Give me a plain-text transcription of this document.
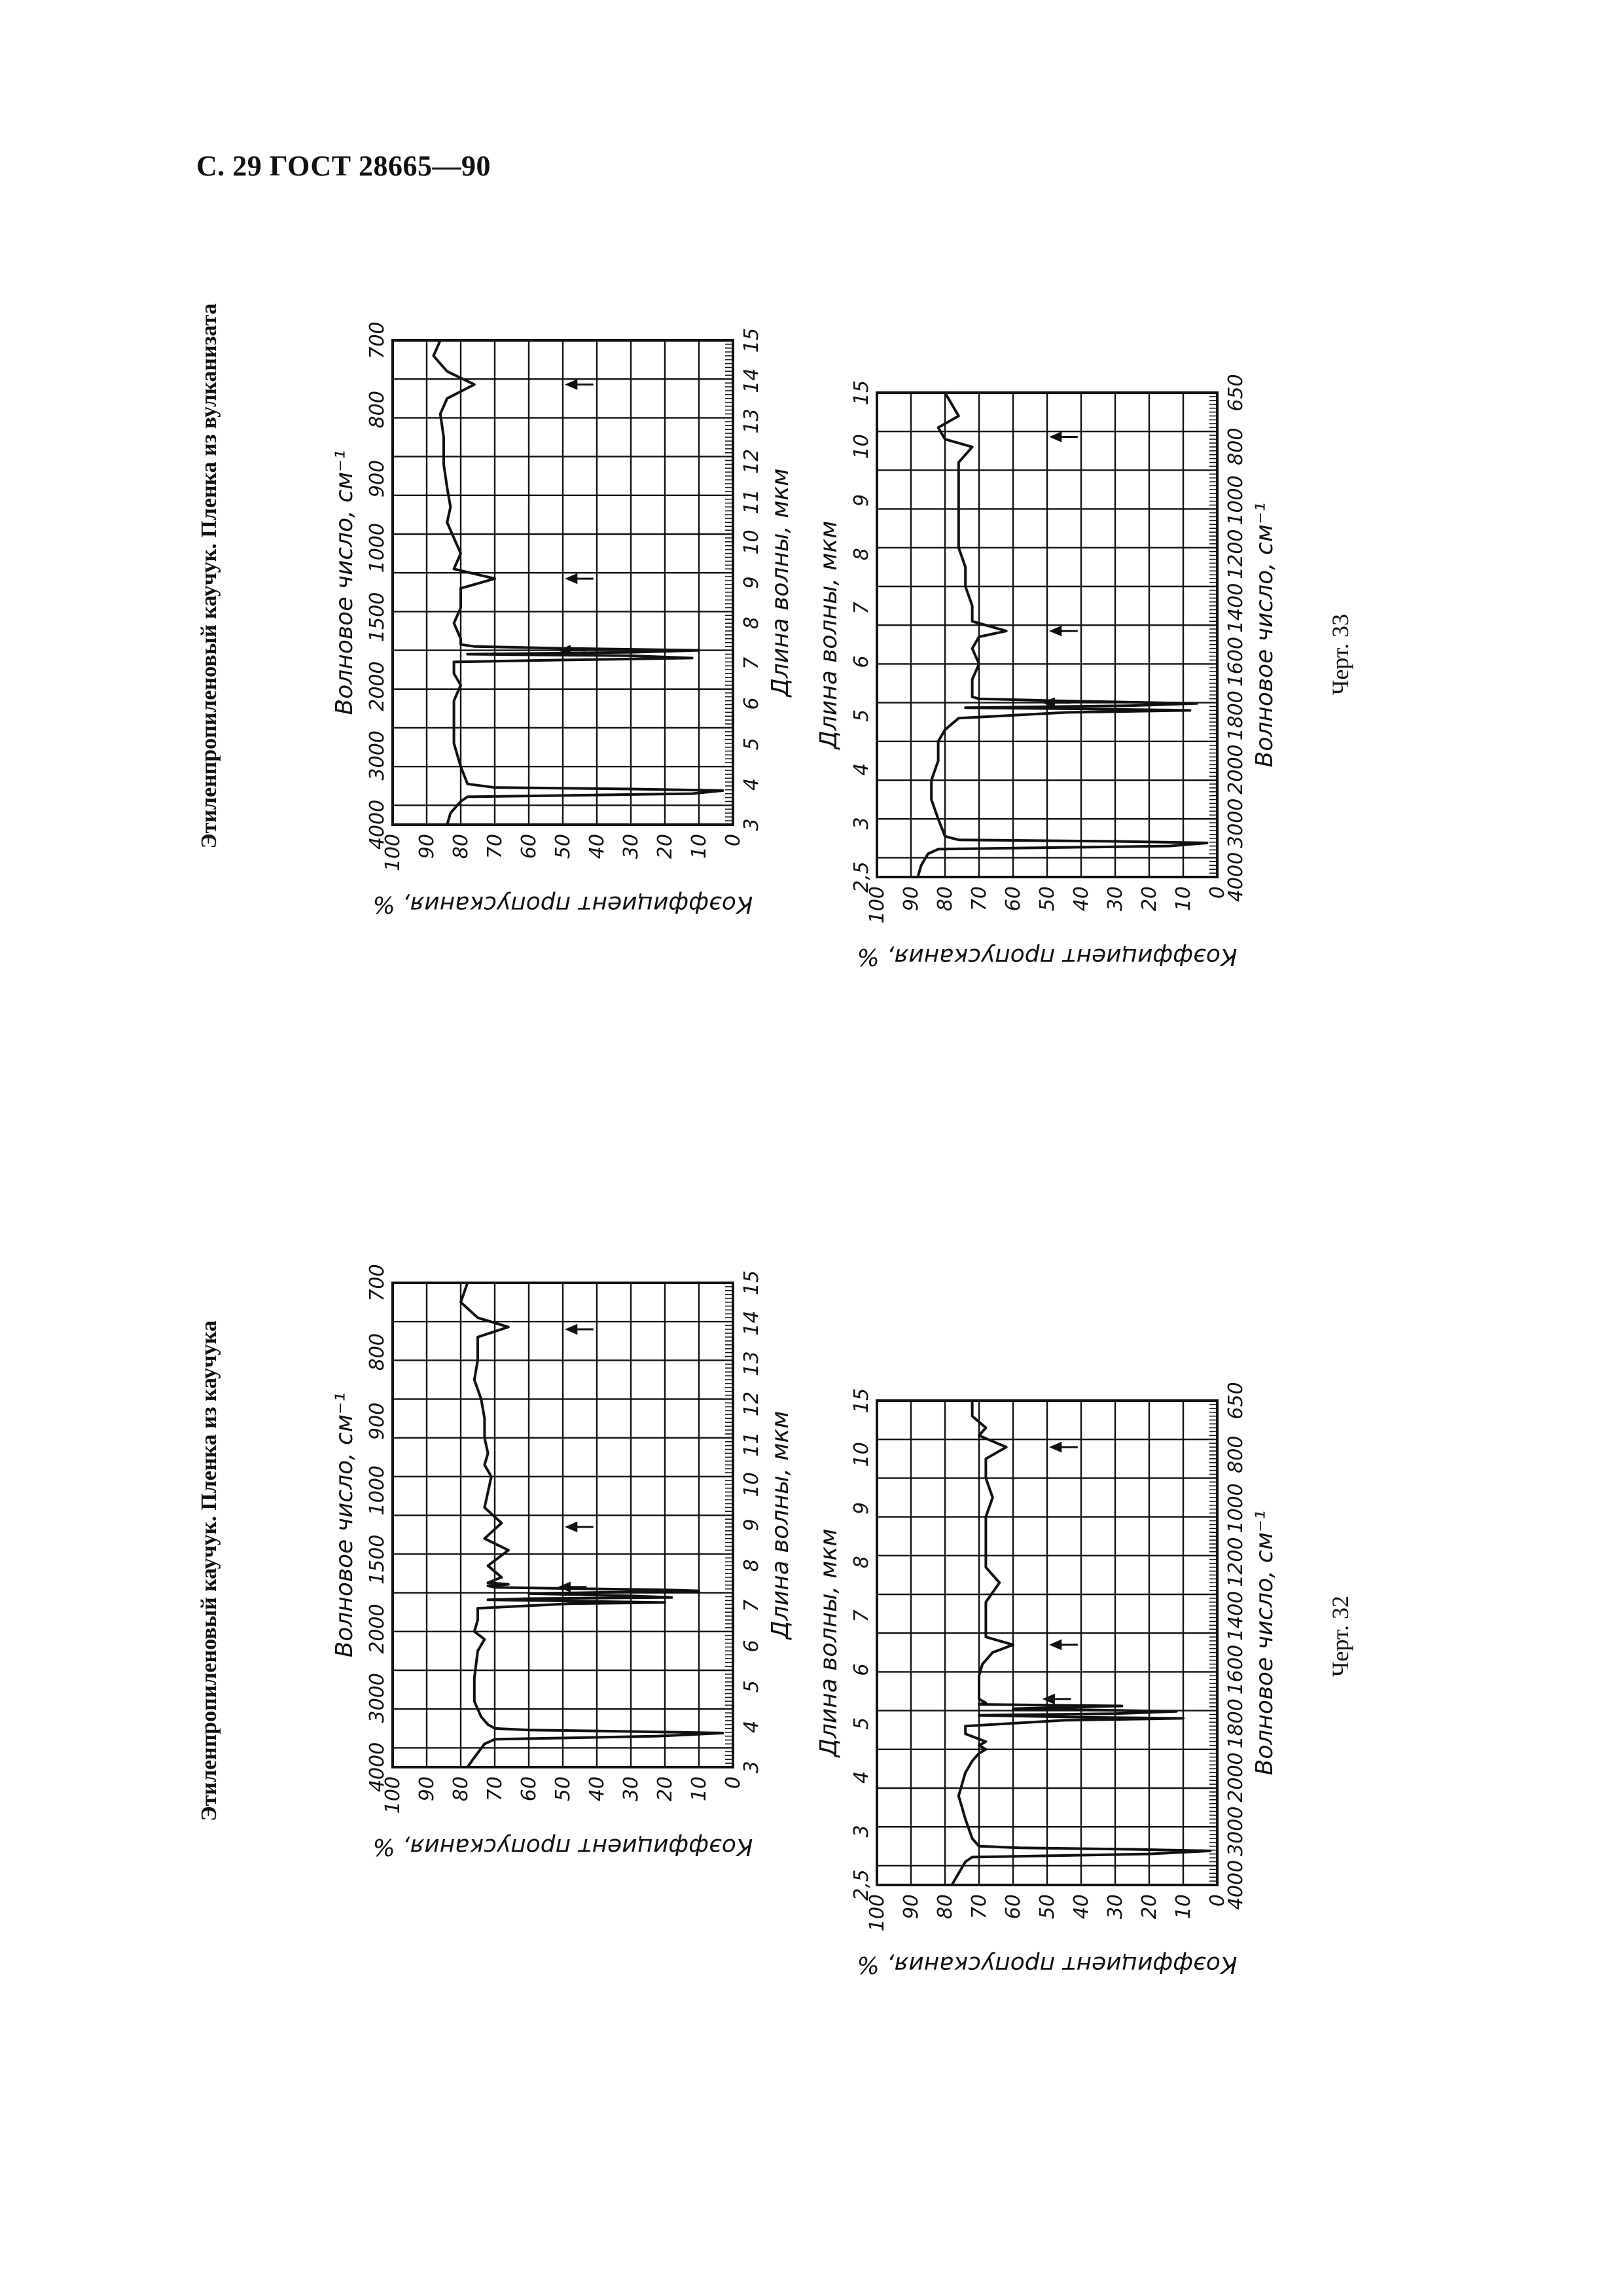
С. 29 ГОСТ 28665—90
Этиленпропиленовый каучук. Пленка из каучука	Черт. 32
100 90 80 70 60 50 40 30 20 10 0
Коэффициент пропускания, %
4000
3000
2000
1500
1000
900
800
700
Волновое число, см⁻¹
3
4
5
6
7
8
9
10
11
12
13
14
15
Длина волны, мкм
100 90 80 70 60 50 40 30 20 10 0
Коэффициент пропускания, %
2,5
3
4
5
6
7
8
9
10
15
Длина волны, мкм
4000
3000
2000
1800
1600
1400
1200
1000
800
650
Волновое число, см⁻¹
Этиленпропиленовый каучук. Пленка из вулканизата	Черт. 33
100 90 80 70 60 50 40 30 20 10 0
Коэффициент пропускания, %
4000
3000
2000
1500
1000
900
800
700
Волновое число, см⁻¹
3
4
5
6
7
8
9
10
11
12
13
14
15
Длина волны, мкм
100 90 80 70 60 50 40 30 20 10 0
Коэффициент пропускания, %
2,5
3
4
5
6
7
8
9
10
15
Длина волны, мкм
4000
3000
2000
1800
1600
1400
1200
1000
800
650
Волновое число, см⁻¹
